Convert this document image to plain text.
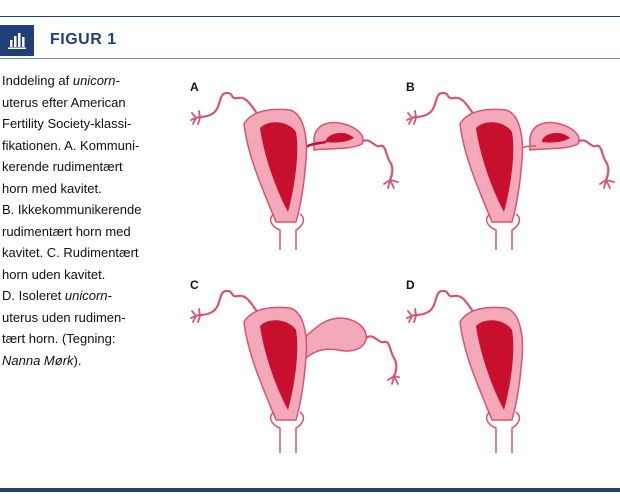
FIGUR 1

Inddeling af unicorn-

uterus efter American

Fertility Society-klassi-

fikationen. A. Kommuni-

kerende rudimentært

horn med kavitet.

B. Ikkekommunikerende

rudimentært horn med

kavitet. C. Rudimentært

horn uden kavitet.

D. Isoleret unicorn-

uterus uden rudimen-

tært horn. (Tegning:

Nanna Mørk).

A	B
C	D
